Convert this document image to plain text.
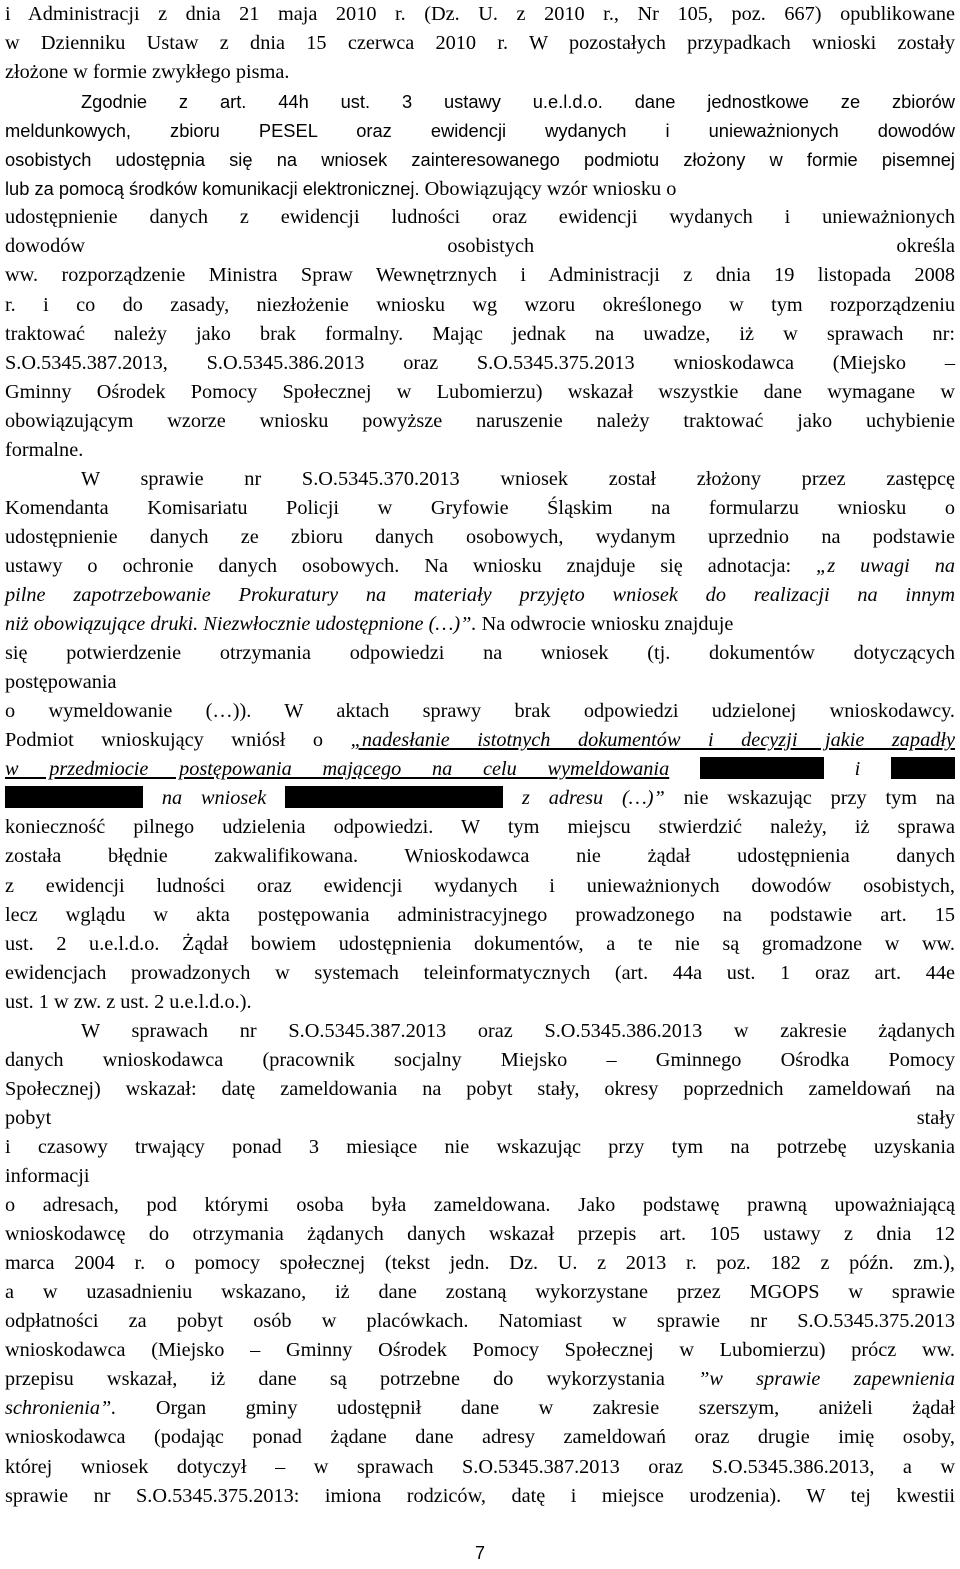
i Administracji z dnia 21 maja 2010 r. (Dz. U. z 2010 r., Nr 105, poz. 667) opublikowane
w Dzienniku Ustaw z dnia 15 czerwca 2010 r. W pozostałych przypadkach wnioski zostały
złożone w formie zwykłego pisma.
Zgodnie z art. 44h ust. 3 ustawy u.e.l.d.o. dane jednostkowe ze zbiorów
meldunkowych, zbioru PESEL oraz ewidencji wydanych i unieważnionych dowodów
osobistych udostępnia się na wniosek zainteresowanego podmiotu złożony w formie pisemnej
lub za pomocą środków komunikacji elektronicznej. Obowiązujący wzór wniosku o
udostępnienie danych z ewidencji ludności oraz ewidencji wydanych i unieważnionych
dowodów osobistych określa
ww. rozporządzenie Ministra Spraw Wewnętrznych i Administracji z dnia 19 listopada 2008
r. i co do zasady, niezłożenie wniosku wg wzoru określonego w tym rozporządzeniu
traktować należy jako brak formalny. Mając jednak na uwadze, iż w sprawach nr:
S.O.5345.387.2013, S.O.5345.386.2013 oraz S.O.5345.375.2013 wnioskodawca (Miejsko –
Gminny Ośrodek Pomocy Społecznej w Lubomierzu) wskazał wszystkie dane wymagane w
obowiązującym wzorze wniosku powyższe naruszenie należy traktować jako uchybienie
formalne.
W sprawie nr S.O.5345.370.2013 wniosek został złożony przez zastępcę
Komendanta Komisariatu Policji w Gryfowie Śląskim na formularzu wniosku o
udostępnienie danych ze zbioru danych osobowych, wydanym uprzednio na podstawie
ustawy o ochronie danych osobowych. Na wniosku znajduje się adnotacja: „z uwagi na
pilne zapotrzebowanie Prokuratury na materiały przyjęto wniosek do realizacji na innym
niż obowiązujące druki. Niezwłocznie udostępnione (…)”. Na odwrocie wniosku znajduje
się potwierdzenie otrzymania odpowiedzi na wniosek (tj. dokumentów dotyczących
postępowania
o wymeldowanie (…)). W aktach sprawy brak odpowiedzi udzielonej wnioskodawcy.
Podmiot wnioskujący wniósł o „nadesłanie istotnych dokumentów i decyzji jakie zapadły
w przedmiocie postępowania mającego na celu wymeldowania	i
na wniosek	z adresu (…)” nie wskazując przy tym na
konieczność pilnego udzielenia odpowiedzi. W tym miejscu stwierdzić należy, iż sprawa
została błędnie zakwalifikowana. Wnioskodawca nie żądał udostępnienia danych
z ewidencji ludności oraz ewidencji wydanych i unieważnionych dowodów osobistych,
lecz wglądu w akta postępowania administracyjnego prowadzonego na podstawie art. 15
ust. 2 u.e.l.d.o. Żądał bowiem udostępnienia dokumentów, a te nie są gromadzone w ww.
ewidencjach prowadzonych w systemach teleinformatycznych (art. 44a ust. 1 oraz art. 44e
ust. 1 w zw. z ust. 2 u.e.l.d.o.).
W sprawach nr S.O.5345.387.2013 oraz S.O.5345.386.2013 w zakresie żądanych
danych wnioskodawca (pracownik socjalny Miejsko – Gminnego Ośrodka Pomocy
Społecznej) wskazał: datę zameldowania na pobyt stały, okresy poprzednich zameldowań na
pobyt stały
i czasowy trwający ponad 3 miesiące nie wskazując przy tym na potrzebę uzyskania
informacji
o adresach, pod którymi osoba była zameldowana. Jako podstawę prawną upoważniającą
wnioskodawcę do otrzymania żądanych danych wskazał przepis art. 105 ustawy z dnia 12
marca 2004 r. o pomocy społecznej (tekst jedn. Dz. U. z 2013 r. poz. 182 z późn. zm.),
a w uzasadnieniu wskazano, iż dane zostaną wykorzystane przez MGOPS w sprawie
odpłatności za pobyt osób w placówkach. Natomiast w sprawie nr S.O.5345.375.2013
wnioskodawca (Miejsko – Gminny Ośrodek Pomocy Społecznej w Lubomierzu) prócz ww.
przepisu wskazał, iż dane są potrzebne do wykorzystania ”w sprawie zapewnienia
schronienia”. Organ gminy udostępnił dane w zakresie szerszym, aniżeli żądał
wnioskodawca (podając ponad żądane dane adresy zameldowań oraz drugie imię osoby,
której wniosek dotyczył – w sprawach S.O.5345.387.2013 oraz S.O.5345.386.2013, a w
sprawie nr S.O.5345.375.2013: imiona rodziców, datę i miejsce urodzenia). W tej kwestii
7
